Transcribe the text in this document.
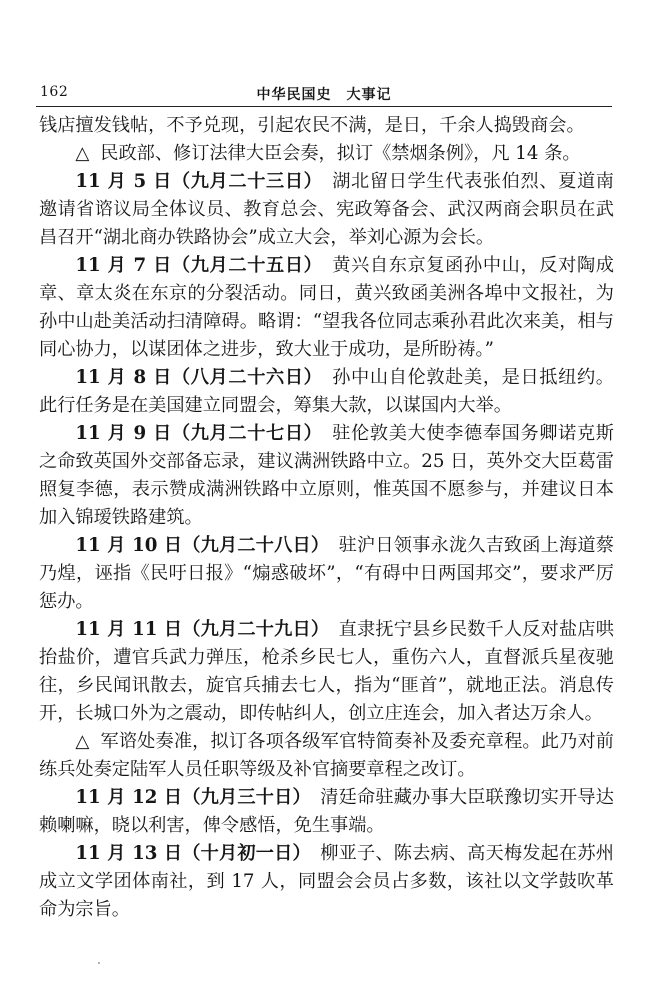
162	中华民国史　大事记

钱店擅发钱帖，不予兑现，引起农民不满，是日，千余人捣毁商会。

△ 民政部、修订法律大臣会奏，拟订《禁烟条例》，凡 14 条。

11 月 5 日（九月二十三日）　 湖北留日学生代表张伯烈、夏道南邀请省谘议局全体议员、教育总会、宪政筹备会、武汉两商会职员在武昌召开“湖北商办铁路协会”成立大会，举刘心源为会长。

11 月 7 日（九月二十五日）　 黄兴自东京复函孙中山，反对陶成章、章太炎在东京的分裂活动。同日，黄兴致函美洲各埠中文报社，为孙中山赴美活动扫清障碍。略谓：“望我各位同志乘孙君此次来美，相与同心协力，以谋团体之进步，致大业于成功，是所盼祷。”

11 月 8 日（八月二十六日）　 孙中山自伦敦赴美，是日抵纽约。此行任务是在美国建立同盟会，筹集大款，以谋国内大举。

11 月 9 日（九月二十七日）　 驻伦敦美大使李德奉国务卿诺克斯之命致英国外交部备忘录，建议满洲铁路中立。25 日，英外交大臣葛雷照复李德，表示赞成满洲铁路中立原则，惟英国不愿参与，并建议日本加入锦瑷铁路建筑。

11 月 10 日（九月二十八日）　 驻沪日领事永泷久吉致函上海道蔡乃煌，诬指《民吁日报》“煽惑破坏”，“有碍中日两国邦交”，要求严厉惩办。

11 月 11 日（九月二十九日）　 直隶抚宁县乡民数千人反对盐店哄抬盐价，遭官兵武力弹压，枪杀乡民七人，重伤六人，直督派兵星夜驰往，乡民闻讯散去，旋官兵捕去七人，指为“匪首”，就地正法。消息传开，长城口外为之震动，即传帖纠人，创立庄连会，加入者达万余人。

△ 军谘处奏准，拟订各项各级军官特简奏补及委充章程。此乃对前练兵处奏定陆军人员任职等级及补官摘要章程之改订。

11 月 12 日（九月三十日）　 清廷命驻藏办事大臣联豫切实开导达赖喇嘛，晓以利害，俾令感悟，免生事端。

11 月 13 日（十月初一日）　 柳亚子、陈去病、高天梅发起在苏州成立文学团体南社，到 17 人，同盟会会员占多数，该社以文学鼓吹革命为宗旨。
